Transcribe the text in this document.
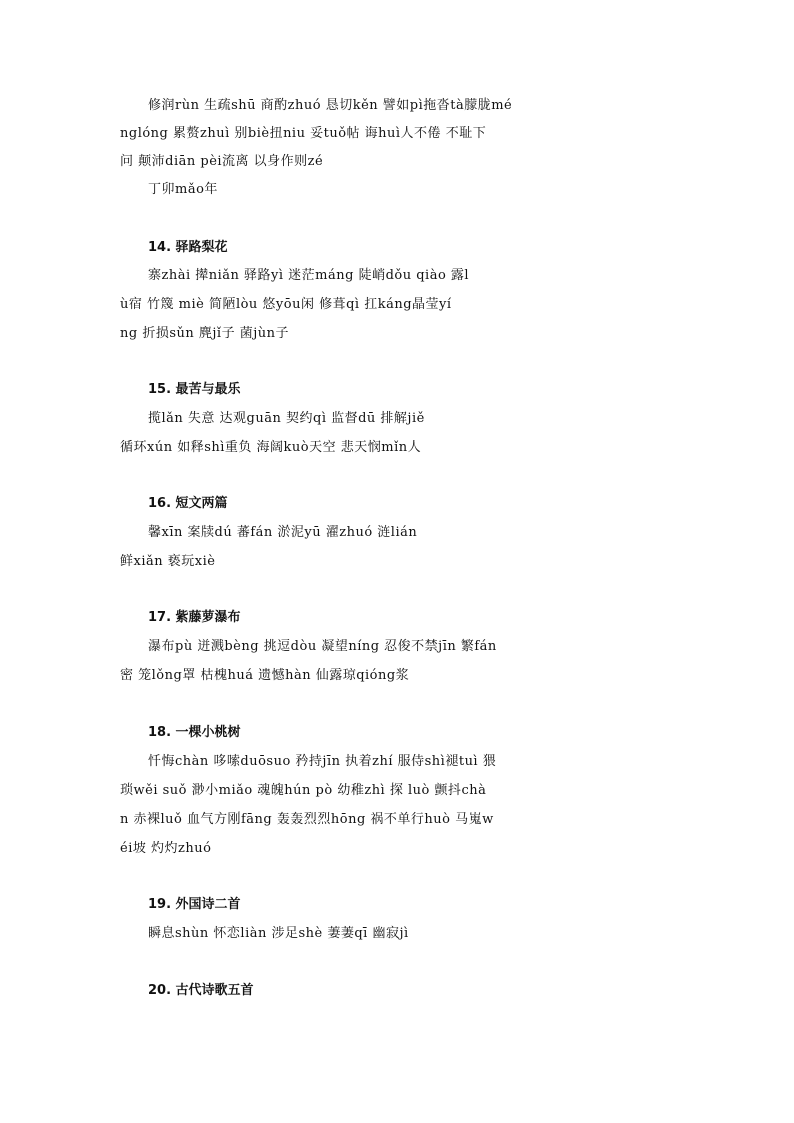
修润rùn 生疏shū 商酌zhuó 恳切kěn 譬如pì拖沓tà朦胧mé
nglóng 累赘zhuì 别biè扭niu 妥tuǒ帖 诲huì人不倦 不耻下
问 颠沛diān pèi流离 以身作则zé
丁卯mǎo年
14. 驿路梨花
寨zhài 撵niǎn 驿路yì 迷茫máng 陡峭dǒu qiào 露l
ù宿 竹篾 miè 简陋lòu 悠yōu闲 修葺qì 扛káng晶莹yí
ng 折损sǔn 麂jǐ子 菌jùn子
15. 最苦与最乐
揽lǎn 失意 达观guān 契约qì 监督dū 排解jiě
循环xún 如释shì重负 海阔kuò天空 悲天悯mǐn人
16. 短文两篇
馨xīn 案牍dú 蕃fán 淤泥yū 濯zhuó 涟lián
鲜xiǎn 亵玩xiè
17. 紫藤萝瀑布
瀑布pù 迸溅bèng 挑逗dòu 凝望níng 忍俊不禁jīn 繁fán
密 笼lǒng罩 枯槐huá 遗憾hàn 仙露琼qióng浆
18. 一棵小桃树
忏悔chàn 哆嗦duōsuo 矜持jīn 执着zhí 服侍shì褪tuì 猥
琐wěi suǒ 渺小miǎo 魂魄hún pò 幼稚zhì 探 luò 颤抖chà
n 赤裸luǒ 血气方刚fāng 轰轰烈烈hōng 祸不单行huò 马嵬w
éi坡 灼灼zhuó
19. 外国诗二首
瞬息shùn 怀恋liàn 涉足shè 萋萋qī 幽寂jì
20. 古代诗歌五首
